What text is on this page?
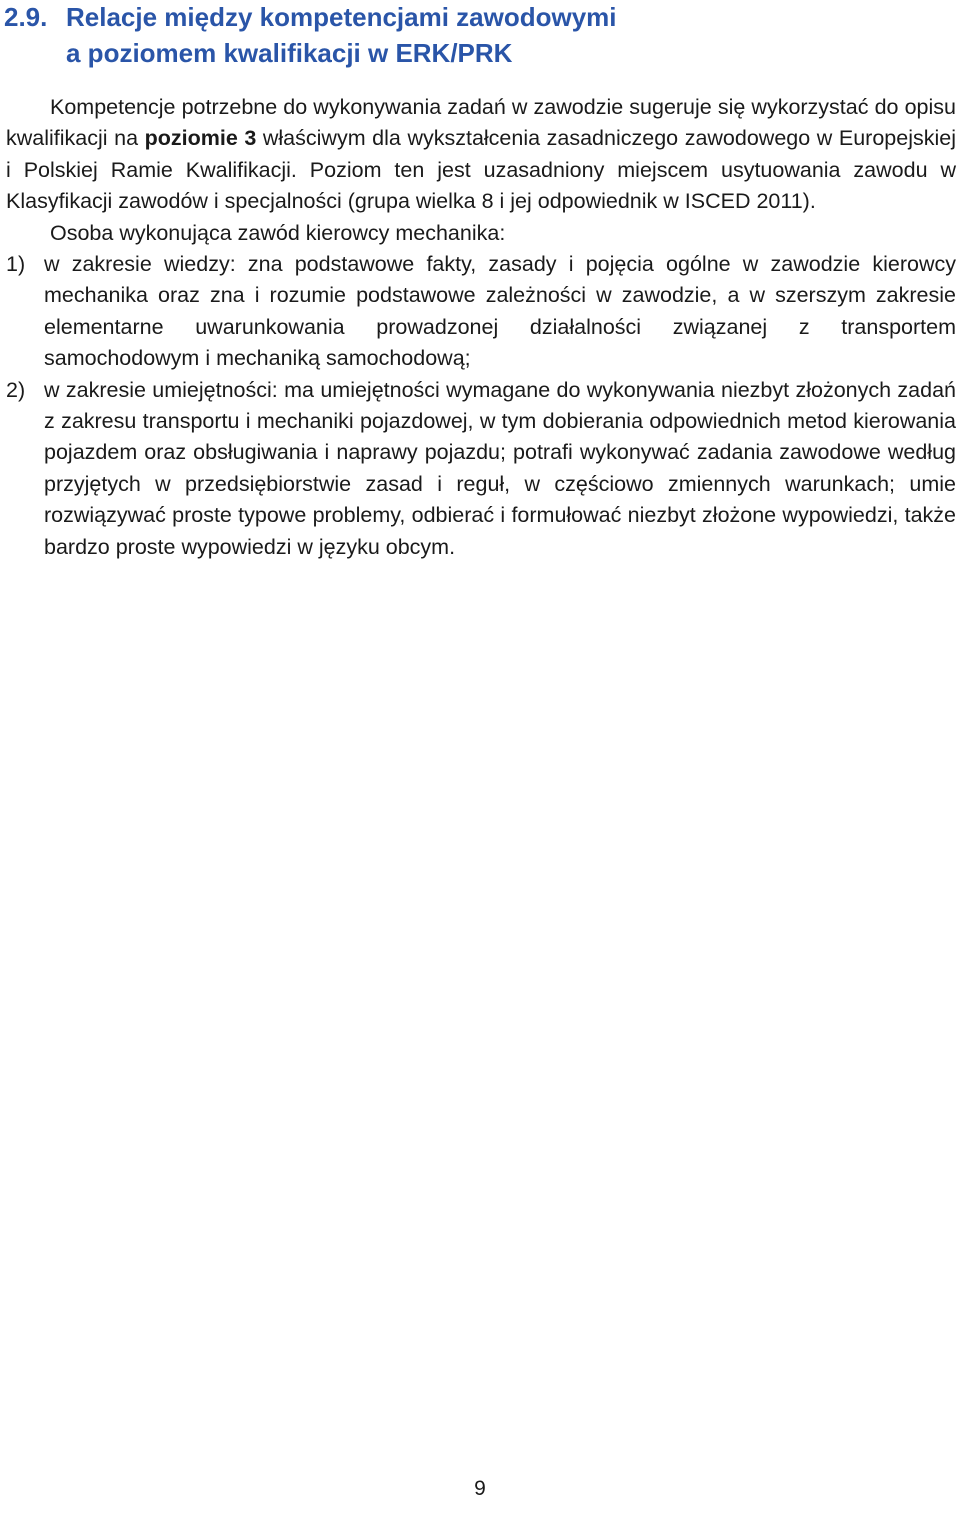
2.9. Relacje między kompetencjami zawodowymi
a poziomem kwalifikacji w ERK/PRK

Kompetencje potrzebne do wykonywania zadań w zawodzie sugeruje się wykorzystać do opisu kwalifikacji na poziomie 3 właściwym dla wykształcenia zasadniczego zawodowego w Europejskiej i Polskiej Ramie Kwalifikacji. Poziom ten jest uzasadniony miejscem usytuowania zawodu w Klasyfikacji zawodów i specjalności (grupa wielka 8 i jej odpowiednik w ISCED 2011).

Osoba wykonująca zawód kierowcy mechanika:

1) w zakresie wiedzy: zna podstawowe fakty, zasady i pojęcia ogólne w zawodzie kierowcy mechanika oraz zna i rozumie podstawowe zależności w zawodzie, a w szerszym zakresie elementarne uwarunkowania prowadzonej działalności związanej z transportem samochodowym i mechaniką samochodową;
2) w zakresie umiejętności: ma umiejętności wymagane do wykonywania niezbyt złożonych zadań z zakresu transportu i mechaniki pojazdowej, w tym dobierania odpowiednich metod kierowania pojazdem oraz obsługiwania i naprawy pojazdu; potrafi wykonywać zadania zawodowe według przyjętych w przedsiębiorstwie zasad i reguł, w częściowo zmiennych warunkach; umie rozwiązywać proste typowe problemy, odbierać i formułować niezbyt złożone wypowiedzi, także bardzo proste wypowiedzi w języku obcym.
9
